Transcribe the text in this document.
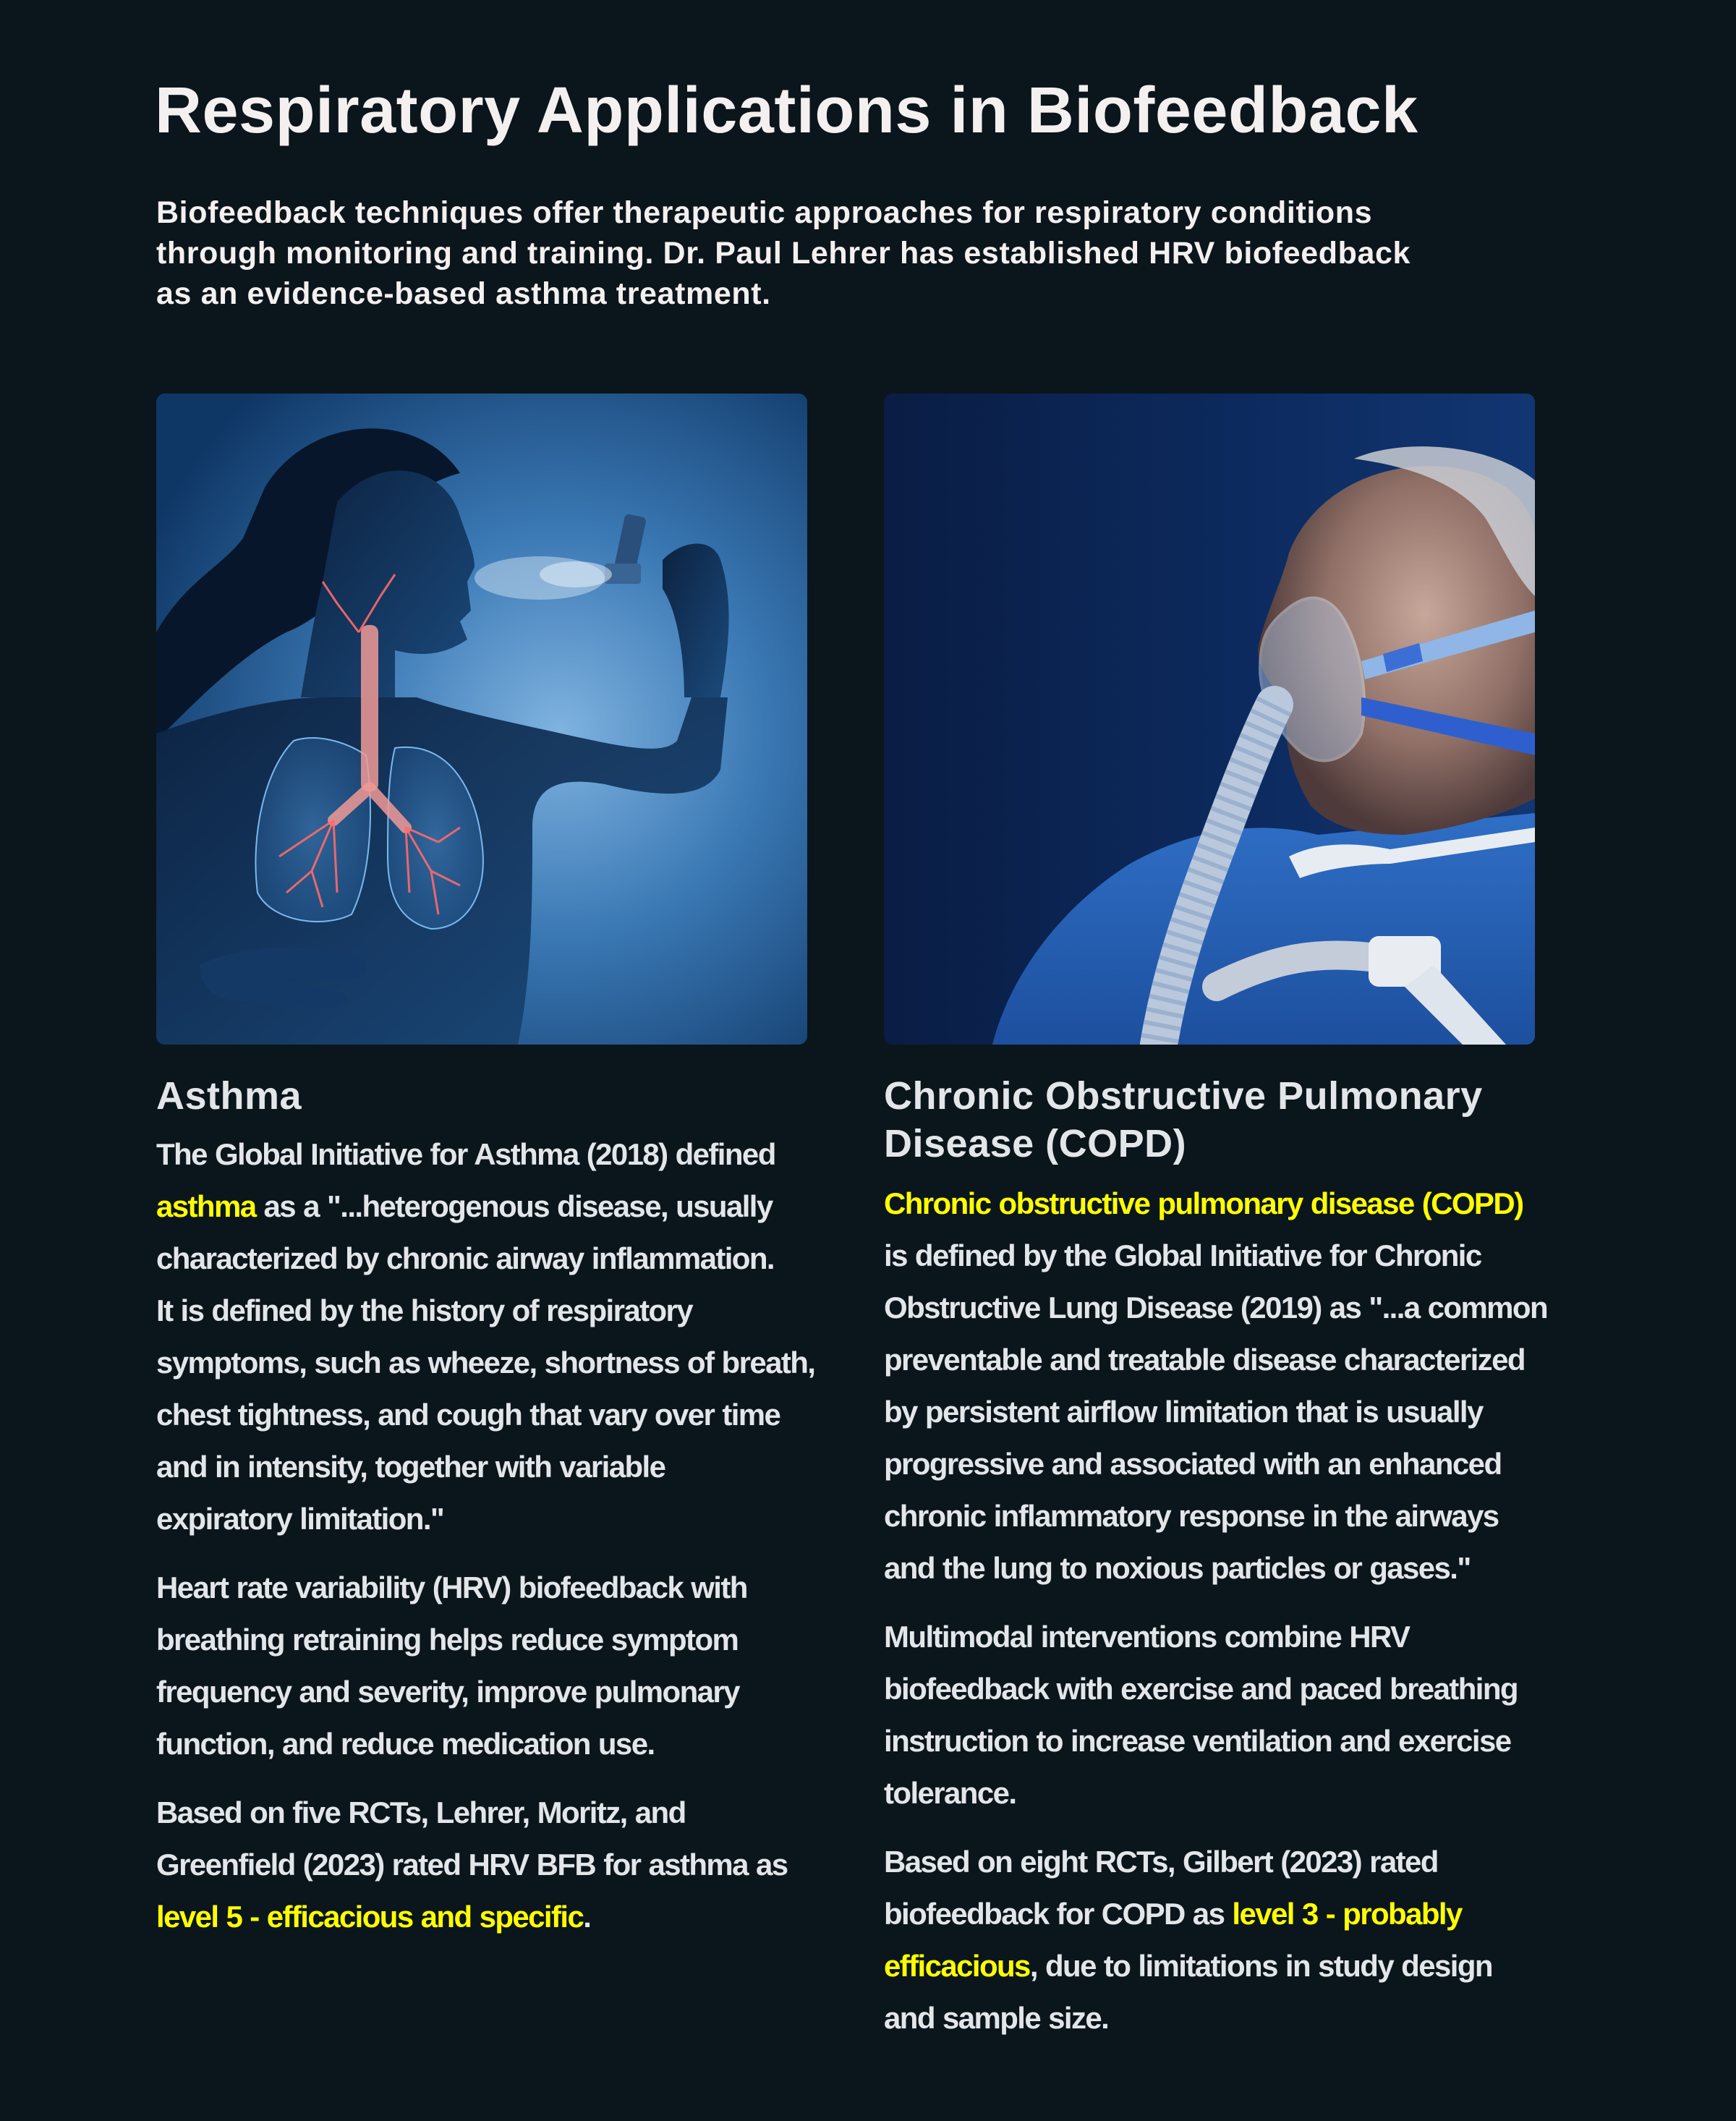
Respiratory Applications in Biofeedback

Biofeedback techniques offer therapeutic approaches for respiratory conditions
through monitoring and training. Dr. Paul Lehrer has established HRV biofeedback
as an evidence-based asthma treatment.

Asthma

The Global Initiative for Asthma (2018) defined
asthma as a "...heterogenous disease, usually
characterized by chronic airway inflammation.
It is defined by the history of respiratory
symptoms, such as wheeze, shortness of breath,
chest tightness, and cough that vary over time
and in intensity, together with variable
expiratory limitation."

Heart rate variability (HRV) biofeedback with
breathing retraining helps reduce symptom
frequency and severity, improve pulmonary
function, and reduce medication use.

Based on five RCTs, Lehrer, Moritz, and
Greenfield (2023) rated HRV BFB for asthma as
level 5 - efficacious and specific.

Chronic Obstructive Pulmonary
Disease (COPD)

Chronic obstructive pulmonary disease (COPD)
is defined by the Global Initiative for Chronic
Obstructive Lung Disease (2019) as "...a common
preventable and treatable disease characterized
by persistent airflow limitation that is usually
progressive and associated with an enhanced
chronic inflammatory response in the airways
and the lung to noxious particles or gases."

Multimodal interventions combine HRV
biofeedback with exercise and paced breathing
instruction to increase ventilation and exercise
tolerance.

Based on eight RCTs, Gilbert (2023) rated
biofeedback for COPD as level 3 - probably
efficacious, due to limitations in study design
and sample size.
